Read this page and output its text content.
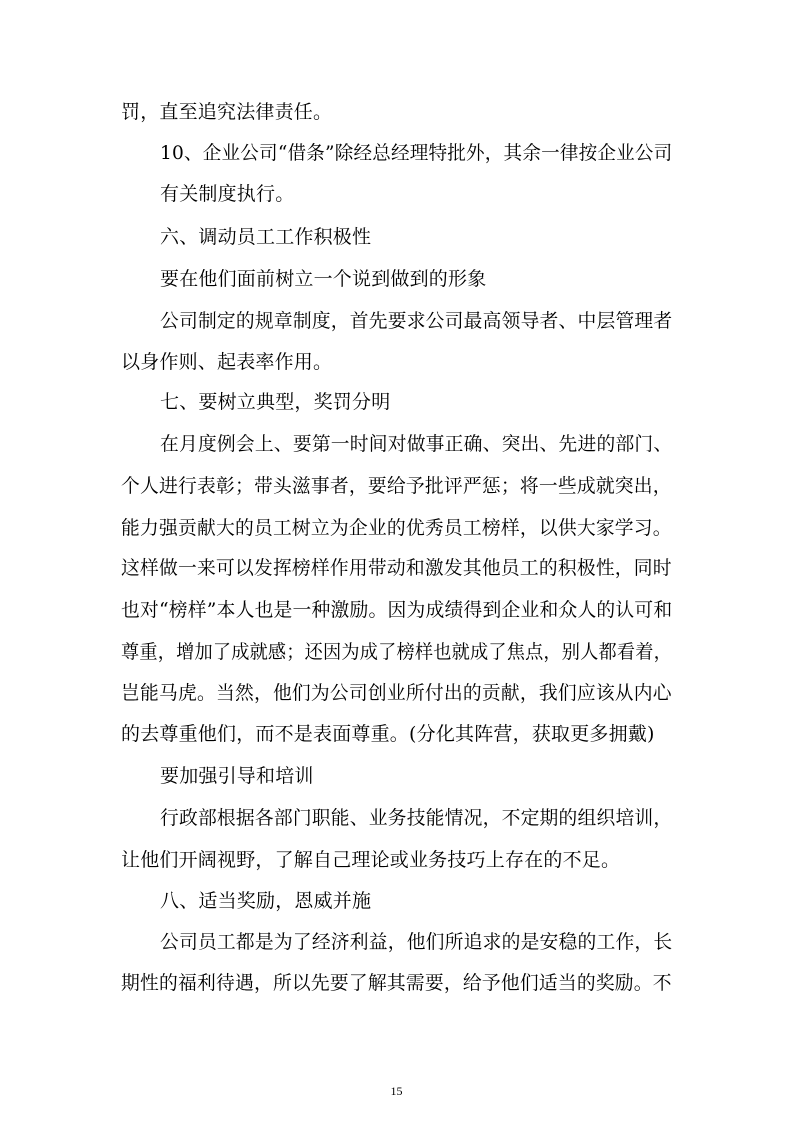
罚，直至追究法律责任。
10、企业公司“借条”除经总经理特批外，其余一律按企业公司
有关制度执行。
六、调动员工工作积极性
要在他们面前树立一个说到做到的形象
公司制定的规章制度，首先要求公司最高领导者、中层管理者
以身作则、起表率作用。
七、要树立典型，奖罚分明
在月度例会上、要第一时间对做事正确、突出、先进的部门、
个人进行表彰；带头滋事者，要给予批评严惩；将一些成就突出，
能力强贡献大的员工树立为企业的优秀员工榜样，以供大家学习。
这样做一来可以发挥榜样作用带动和激发其他员工的积极性，同时
也对“榜样”本人也是一种激励。因为成绩得到企业和众人的认可和
尊重，增加了成就感；还因为成了榜样也就成了焦点，别人都看着，
岂能马虎。当然，他们为公司创业所付出的贡献，我们应该从内心
的去尊重他们，而不是表面尊重。(分化其阵营，获取更多拥戴)
要加强引导和培训
行政部根据各部门职能、业务技能情况，不定期的组织培训，
让他们开阔视野，了解自己理论或业务技巧上存在的不足。
八、适当奖励，恩威并施
公司员工都是为了经济利益，他们所追求的是安稳的工作，长
期性的福利待遇，所以先要了解其需要，给予他们适当的奖励。不
15
